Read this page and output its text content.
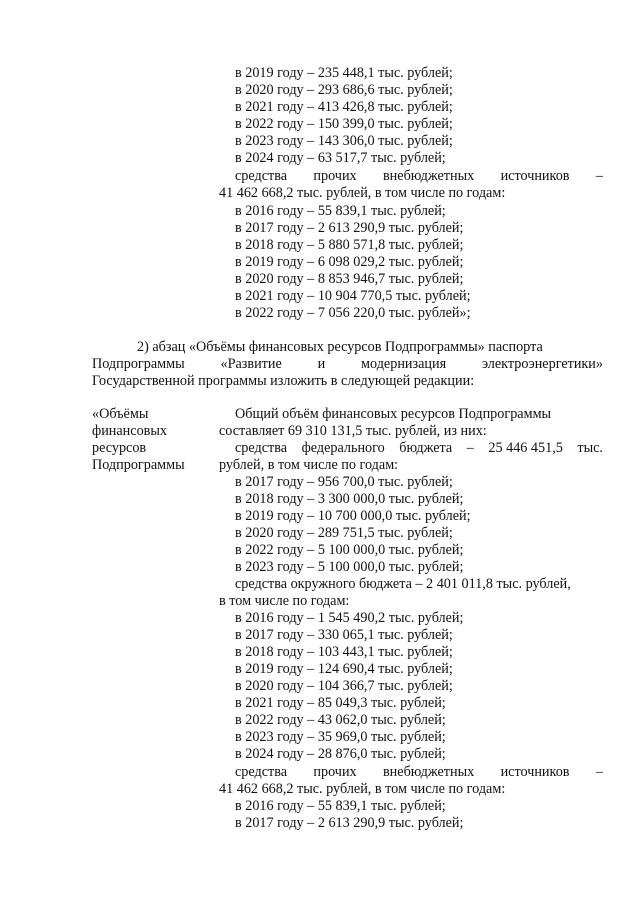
в 2019 году – 235 448,1 тыс. рублей;
в 2020 году – 293 686,6 тыс. рублей;
в 2021 году – 413 426,8 тыс. рублей;
в 2022 году – 150 399,0 тыс. рублей;
в 2023 году – 143 306,0 тыс. рублей;
в 2024 году – 63 517,7 тыс. рублей;
средства прочих внебюджетных источников –
41 462 668,2 тыс. рублей, в том числе по годам:
в 2016 году – 55 839,1 тыс. рублей;
в 2017 году – 2 613 290,9 тыс. рублей;
в 2018 году – 5 880 571,8 тыс. рублей;
в 2019 году – 6 098 029,2 тыс. рублей;
в 2020 году – 8 853 946,7 тыс. рублей;
в 2021 году – 10 904 770,5 тыс. рублей;
в 2022 году – 7 056 220,0 тыс. рублей»;
2) абзац «Объёмы финансовых ресурсов Подпрограммы» паспорта
Подпрограммы	«Развитие	и	модернизация	электроэнергетики»
Государственной программы изложить в следующей редакции:
«Объёмы
финансовых
ресурсов
Подпрограммы
Общий объём финансовых ресурсов Подпрограммы
составляет 69 310 131,5 тыс. рублей, из них:
средства федерального бюджета – 25 446 451,5 тыс.
рублей, в том числе по годам:
в 2017 году – 956 700,0 тыс. рублей;
в 2018 году – 3 300 000,0 тыс. рублей;
в 2019 году – 10 700 000,0 тыс. рублей;
в 2020 году – 289 751,5 тыс. рублей;
в 2022 году – 5 100 000,0 тыс. рублей;
в 2023 году – 5 100 000,0 тыс. рублей;
средства окружного бюджета – 2 401 011,8 тыс. рублей,
в том числе по годам:
в 2016 году – 1 545 490,2 тыс. рублей;
в 2017 году – 330 065,1 тыс. рублей;
в 2018 году – 103 443,1 тыс. рублей;
в 2019 году – 124 690,4 тыс. рублей;
в 2020 году – 104 366,7 тыс. рублей;
в 2021 году – 85 049,3 тыс. рублей;
в 2022 году – 43 062,0 тыс. рублей;
в 2023 году – 35 969,0 тыс. рублей;
в 2024 году – 28 876,0 тыс. рублей;
средства прочих внебюджетных источников –
41 462 668,2 тыс. рублей, в том числе по годам:
в 2016 году – 55 839,1 тыс. рублей;
в 2017 году – 2 613 290,9 тыс. рублей;
